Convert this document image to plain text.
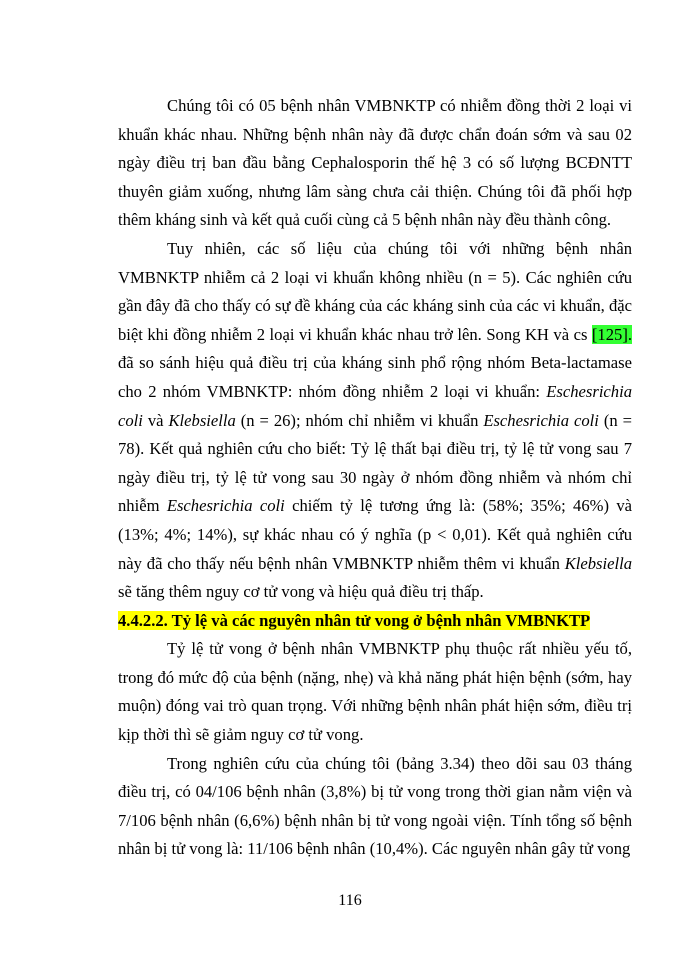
Chúng tôi có 05 bệnh nhân VMBNKTP có nhiễm đồng thời 2 loại vi khuẩn khác nhau. Những bệnh nhân này đã được chẩn đoán sớm và sau 02 ngày điều trị ban đầu bằng Cephalosporin thế hệ 3 có số lượng BCĐNTT thuyên giảm xuống, nhưng lâm sàng chưa cải thiện. Chúng tôi đã phối hợp thêm kháng sinh và kết quả cuối cùng cả 5 bệnh nhân này đều thành công.

Tuy nhiên, các số liệu của chúng tôi với những bệnh nhân VMBNKTP nhiễm cả 2 loại vi khuẩn không nhiều (n = 5). Các nghiên cứu gần đây đã cho thấy có sự đề kháng của các kháng sinh của các vi khuẩn, đặc biệt khi đồng nhiễm 2 loại vi khuẩn khác nhau trở lên. Song KH và cs [125]. đã so sánh hiệu quả điều trị của kháng sinh phổ rộng nhóm Beta-lactamase cho 2 nhóm VMBNKTP: nhóm đồng nhiễm 2 loại vi khuẩn: Eschesrichia coli và Klebsiella (n = 26); nhóm chỉ nhiễm vi khuẩn Eschesrichia coli (n = 78). Kết quả nghiên cứu cho biết: Tỷ lệ thất bại điều trị, tỷ lệ tử vong sau 7 ngày điều trị, tỷ lệ tử vong sau 30 ngày ở nhóm đồng nhiễm và nhóm chỉ nhiễm Eschesrichia coli chiếm tỷ lệ tương ứng là: (58%; 35%; 46%) và (13%; 4%; 14%), sự khác nhau có ý nghĩa (p < 0,01). Kết quả nghiên cứu này đã cho thấy nếu bệnh nhân VMBNKTP nhiễm thêm vi khuẩn Klebsiella sẽ tăng thêm nguy cơ tử vong và hiệu quả điều trị thấp.

4.4.2.2. Tỷ lệ và các nguyên nhân tử vong ở bệnh nhân VMBNKTP

Tỷ lệ tử vong ở bệnh nhân VMBNKTP phụ thuộc rất nhiều yếu tố, trong đó mức độ của bệnh (nặng, nhẹ) và khả năng phát hiện bệnh (sớm, hay muộn) đóng vai trò quan trọng. Với những bệnh nhân phát hiện sớm, điều trị kịp thời thì sẽ giảm nguy cơ tử vong.

Trong nghiên cứu của chúng tôi (bảng 3.34) theo dõi sau 03 tháng điều trị, có 04/106 bệnh nhân (3,8%) bị tử vong trong thời gian nằm viện và 7/106 bệnh nhân (6,6%) bệnh nhân bị tử vong ngoài viện. Tính tổng số bệnh nhân bị tử vong là: 11/106 bệnh nhân (10,4%). Các nguyên nhân gây tử vong

116
